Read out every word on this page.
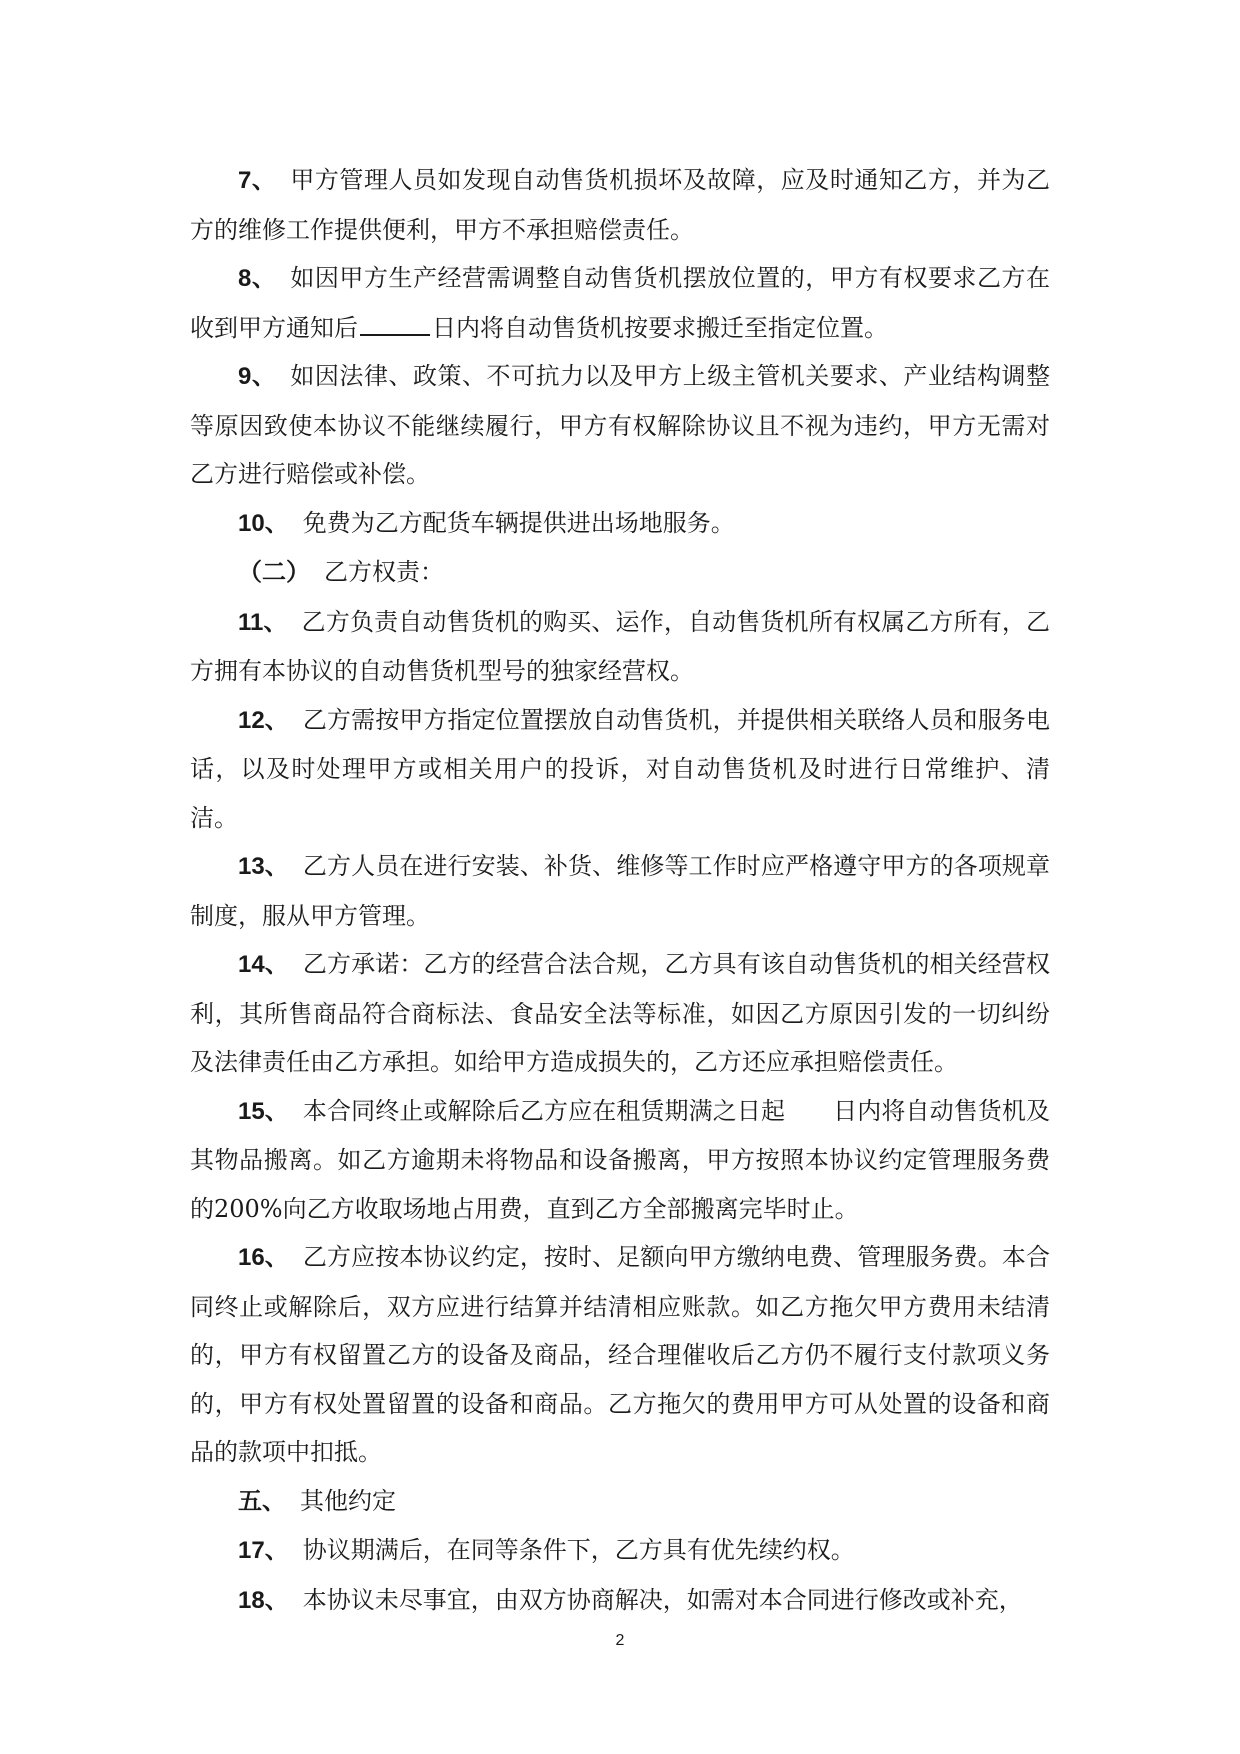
7、 甲方管理人员如发现自动售货机损坏及故障，应及时通知乙方，并为乙方的维修工作提供便利，甲方不承担赔偿责任。

8、 如因甲方生产经营需调整自动售货机摆放位置的，甲方有权要求乙方在收到甲方通知后	日内将自动售货机按要求搬迁至指定位置。

9、 如因法律、政策、不可抗力以及甲方上级主管机关要求、产业结构调整等原因致使本协议不能继续履行，甲方有权解除协议且不视为违约，甲方无需对乙方进行赔偿或补偿。

10、 免费为乙方配货车辆提供进出场地服务。

（二） 乙方权责：

11、 乙方负责自动售货机的购买、运作，自动售货机所有权属乙方所有，乙方拥有本协议的自动售货机型号的独家经营权。

12、 乙方需按甲方指定位置摆放自动售货机，并提供相关联络人员和服务电话，以及时处理甲方或相关用户的投诉，对自动售货机及时进行日常维护、清洁。

13、 乙方人员在进行安装、补货、维修等工作时应严格遵守甲方的各项规章制度，服从甲方管理。

14、 乙方承诺：乙方的经营合法合规，乙方具有该自动售货机的相关经营权利，其所售商品符合商标法、食品安全法等标准，如因乙方原因引发的一切纠纷及法律责任由乙方承担。如给甲方造成损失的，乙方还应承担赔偿责任。

15、 本合同终止或解除后乙方应在租赁期满之日起 日内将自动售货机及其物品搬离。如乙方逾期未将物品和设备搬离，甲方按照本协议约定管理服务费的200%向乙方收取场地占用费，直到乙方全部搬离完毕时止。

16、 乙方应按本协议约定，按时、足额向甲方缴纳电费、管理服务费。本合同终止或解除后，双方应进行结算并结清相应账款。如乙方拖欠甲方费用未结清的，甲方有权留置乙方的设备及商品，经合理催收后乙方仍不履行支付款项义务的，甲方有权处置留置的设备和商品。乙方拖欠的费用甲方可从处置的设备和商品的款项中扣抵。

五、 其他约定

17、 协议期满后，在同等条件下，乙方具有优先续约权。

18、 本协议未尽事宜，由双方协商解决，如需对本合同进行修改或补充，

2
